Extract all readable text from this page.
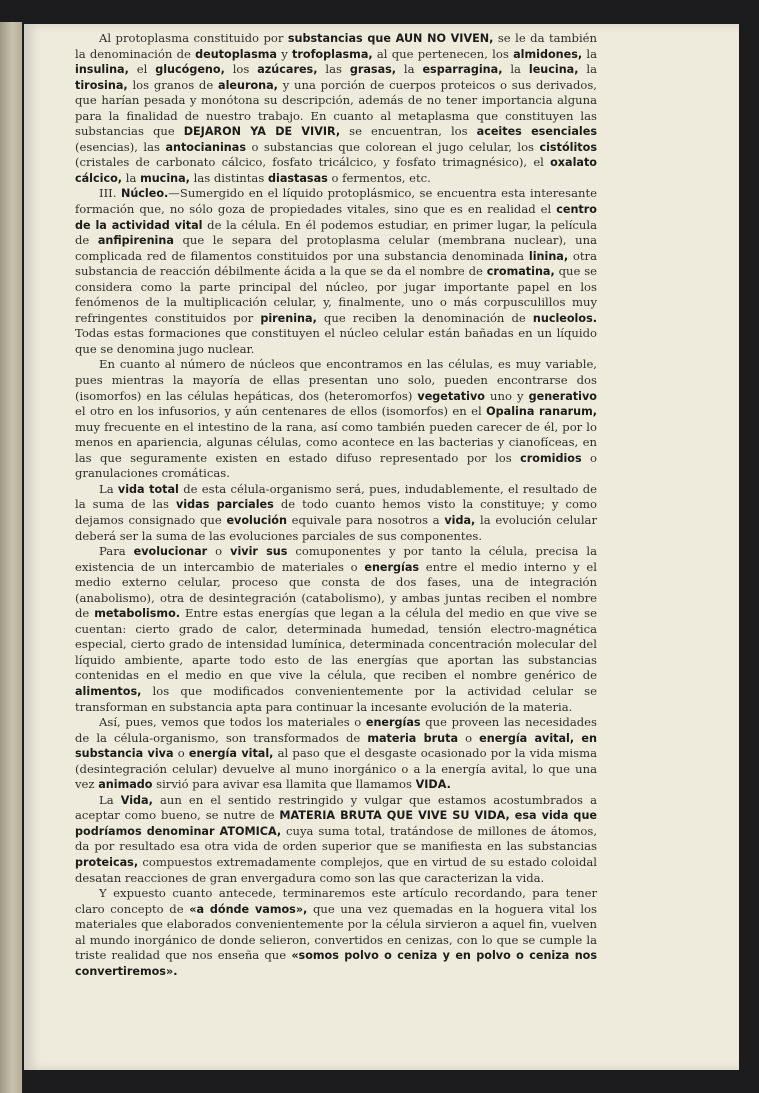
Al protoplasma constituido por substancias que AUN NO VIVEN, se le da también la denominación de deutoplasma y trofoplasma, al que pertenecen, los almidones, la insulina, el glucógeno, los azúcares, las grasas, la esparragina, la leucina, la tirosina, los granos de aleurona, y una porción de cuerpos proteicos o sus derivados, que harían pesada y monótona su descripción, además de no tener importancia alguna para la finalidad de nuestro trabajo. En cuanto al metaplasma que constituyen las substancias que DEJARON YA DE VIVIR, se encuentran, los aceites esenciales (esencias), las antocianinas o substancias que colorean el jugo celular, los cistólitos (cristales de carbonato cálcico, fosfato tricálcico, y fosfato trimagnésico), el oxalato cálcico, la mucina, las distintas diastasas o fermentos, etc.

III. Núcleo.—Sumergido en el líquido protoplásmico, se encuentra esta interesante formación que, no sólo goza de propiedades vitales, sino que es en realidad el centro de la actividad vital de la célula. En él podemos estudiar, en primer lugar, la película de anfipirenina que le separa del protoplasma celular (membrana nuclear), una complicada red de filamentos constituidos por una substancia denominada linina, otra substancia de reacción débilmente ácida a la que se da el nombre de cromatina, que se considera como la parte principal del núcleo, por jugar importante papel en los fenómenos de la multiplicación celular, y, finalmente, uno o más corpusculillos muy refringentes constituidos por pirenina, que reciben la denominación de nucleolos. Todas estas formaciones que constituyen el núcleo celular están bañadas en un líquido que se denomina jugo nuclear.

En cuanto al número de núcleos que encontramos en las células, es muy variable, pues mientras la mayoría de ellas presentan uno solo, pueden encontrarse dos (isomorfos) en las células hepáticas, dos (heteromorfos) vegetativo uno y generativo el otro en los infusorios, y aún centenares de ellos (isomorfos) en el Opalina ranarum, muy frecuente en el intestino de la rana, así como también pueden carecer de él, por lo menos en apariencia, algunas células, como acontece en las bacterias y cianofíceas, en las que seguramente existen en estado difuso representado por los cromidios o granulaciones cromáticas.

La vida total de esta célula-organismo será, pues, indudablemente, el resultado de la suma de las vidas parciales de todo cuanto hemos visto la constituye; y como dejamos consignado que evolución equivale para nosotros a vida, la evolución celular deberá ser la suma de las evoluciones parciales de sus componentes.

Para evolucionar o vivir sus comuponentes y por tanto la célula, precisa la existencia de un intercambio de materiales o energías entre el medio interno y el medio externo celular, proceso que consta de dos fases, una de integración (anabolismo), otra de desintegración (catabolismo), y ambas juntas reciben el nombre de metabolismo. Entre estas energías que legan a la célula del medio en que vive se cuentan: cierto grado de calor, determinada humedad, tensión electro-magnética especial, cierto grado de intensidad lumínica, determinada concentración molecular del líquido ambiente, aparte todo esto de las energías que aportan las substancias contenidas en el medio en que vive la célula, que reciben el nombre genérico de alimentos, los que modificados convenientemente por la actividad celular se transforman en substancia apta para continuar la incesante evolución de la materia.

Así, pues, vemos que todos los materiales o energías que proveen las necesidades de la célula-organismo, son transformados de materia bruta o energía avital, en substancia viva o energía vital, al paso que el desgaste ocasionado por la vida misma (desintegración celular) devuelve al muno inorgánico o a la energía avital, lo que una vez animado sirvió para avivar esa llamita que llamamos VIDA.

La Vida, aun en el sentido restringido y vulgar que estamos acostumbrados a aceptar como bueno, se nutre de MATERIA BRUTA QUE VIVE SU VIDA, esa vida que podríamos denominar ATOMICA, cuya suma total, tratándose de millones de átomos, da por resultado esa otra vida de orden superior que se manifiesta en las substancias proteicas, compuestos extremadamente complejos, que en virtud de su estado coloidal desatan reacciones de gran envergadura como son las que caracterizan la vida.

Y expuesto cuanto antecede, terminaremos este artículo recordando, para tener claro concepto de «a dónde vamos», que una vez quemadas en la hoguera vital los materiales que elaborados convenientemente por la célula sirvieron a aquel fin, vuelven al mundo inorgánico de donde selieron, convertidos en cenizas, con lo que se cumple la triste realidad que nos enseña que «somos polvo o ceniza y en polvo o ceniza nos convertiremos».
